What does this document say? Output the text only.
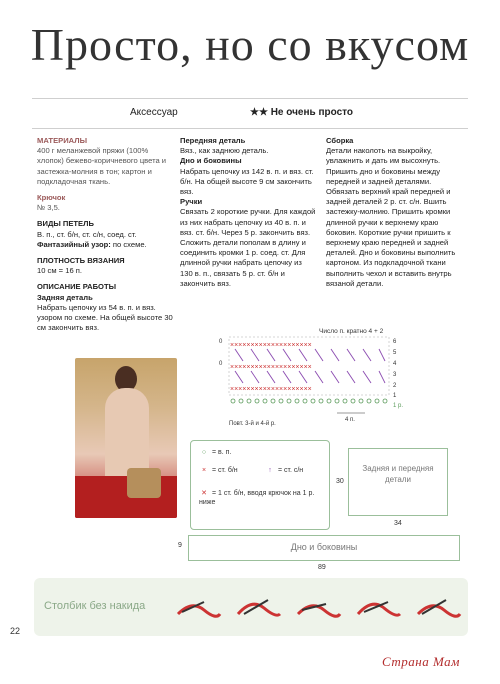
Просто, но со вкусом
Аксессуар	★★ Не очень просто

МАТЕРИАЛЫ

400 г меланжевой пряжи (100% хлопок) бежево-коричневого цвета и застежка-молния в тон; картон и подкладочная ткань.

Крючок

№ 3,5.

ВИДЫ ПЕТЕЛЬ

В. п., ст. б/н, ст. с/н, соед. ст.

Фантазийный узор: по схеме.

ПЛОТНОСТЬ ВЯЗАНИЯ

10 см = 16 п.

ОПИСАНИЕ РАБОТЫ

Задняя деталь

Набрать цепочку из 54 в. п. и вяз. узором по схеме. На общей высоте 30 см закончить вяз.

Передняя деталь

Вяз., как заднюю деталь.

Дно и боковины

Набрать цепочку из 142 в. п. и вяз. ст. б/н. На общей высоте 9 см закончить вяз.

Ручки

Связать 2 короткие ручки. Для каждой из них набрать цепочку из 40 в. п. и вяз. ст. б/н. Через 5 р. закончить вяз. Сложить детали пополам в длину и соединить кромки 1 р. соед. ст. Для длинной ручки набрать цепочку из 130 в. п., связать 5 р. ст. б/н и закончить вяз.

Сборка

Детали наколоть на выкройку, увлажнить и дать им высохнуть. Пришить дно и боковины между передней и задней деталями. Обвязать верхний край передней и задней деталей 2 р. ст. с/н. Вшить застежку-молнию. Пришить кромки длинной ручки к верхнему краю боковин. Короткие ручки пришить к верхнему краю передней и задней деталей. Дно и боковины выполнить картоном. Из подкладочной ткани выполнить чехол и вставить внутрь вязаной детали.

Число п. кратно 4 + 2
××××××××××××××××××××
××××××××××××××××××××
××××××××××××××××××××
6
5
4
3
2
1
0
0
1 р.
Повт. 3-й и 4-й р.
4 п.
○ = в. п.
× = ст. б/н	↑ = ст. с/н
✕ = 1 ст. б/н, вводя крючок на 1 р. ниже
Задняя и передняя детали
30
34
Дно и боковины
9
89
Столбик без накида
22
Страна Мам
